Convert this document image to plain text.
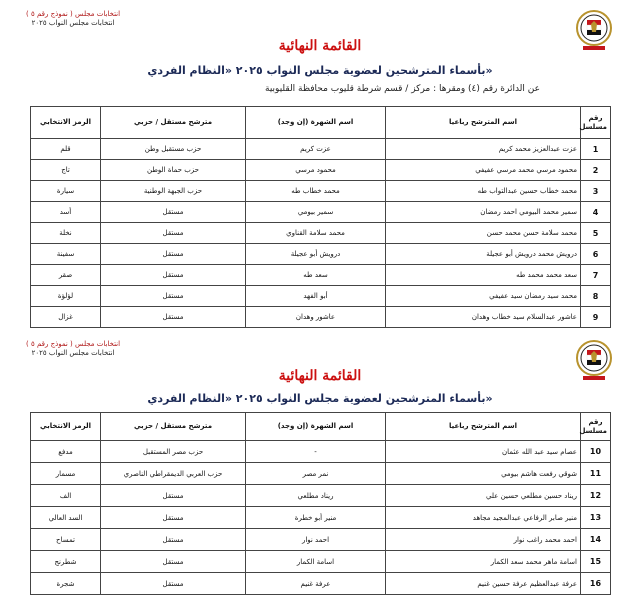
( نموذج رقم ٥ ) انتخابات مجلس
انتخابات مجلس النواب ٢٠٢٥
القائمة النهائية
بأسماء المترشحين لعضوية مجلس النواب ٢٠٢٥ «النظام الفردي»
عن الدائرة رقم (٤) ومقرها : مركز / قسم شرطة قليوب محافظة القليوبية
رقم مسلسل	اسم المترشح رباعيا	اسم الشهرة (إن وجد)	مترشح مستقل / حزبي	الرمز الانتخابي
1	عزت عبدالعزيز محمد كريم	عزت كريم	حزب مستقبل وطن	قلم
2	محمود مرسي محمد مرسي عفيفي	محمود مرسي	حزب حماة الوطن	تاج
3	محمد خطاب حسين عبدالتواب طه	محمد خطاب طه	حزب الجبهة الوطنية	سيارة
4	سمير محمد البيومي احمد رمضان	سمير بيومي	مستقل	أسد
5	محمد سلامة حسن محمد حسن	محمد سلامة القناوي	مستقل	نخلة
6	درويش محمد درويش أبو عجيلة	درويش أبو عجيلة	مستقل	سفينة
7	سعد محمد محمد طه	سعد طه	مستقل	صقر
8	محمد سيد رمضان سيد عفيفي	أبو الفهد	مستقل	لؤلؤة
9	عاشور عبدالسلام سيد خطاب وهدان	عاشور وهدان	مستقل	غزال
( نموذج رقم ٥ ) انتخابات مجلس
انتخابات مجلس النواب ٢٠٢٥
القائمة النهائية
بأسماء المترشحين لعضوية مجلس النواب ٢٠٢٥ «النظام الفردي»
رقم مسلسل	اسم المترشح رباعيا	اسم الشهرة (إن وجد)	مترشح مستقل / حزبي	الرمز الانتخابي
10	عصام سيد عبد الله عثمان	-	حزب مصر المستقبل	مدفع
11	شوقي رفعت هاشم بيومي	نمر مصر	حزب العربي الديمقراطي الناصري	مسمار
12	ريناد حسين مطلعي حسين علي	ريناد مطلعي	مستقل	الف
13	منير صابر الرفاعي عبدالمجيد مجاهد	منير أبو خطرة	مستقل	السد العالي
14	احمد محمد راغب نوار	احمد نوار	مستقل	تمساح
15	اسامة ماهر محمد سعد الكمار	اسامة الكمار	مستقل	شطرنج
16	عرفة عبدالعظيم عرفة حسين غنيم	عرفة غنيم	مستقل	شجرة
